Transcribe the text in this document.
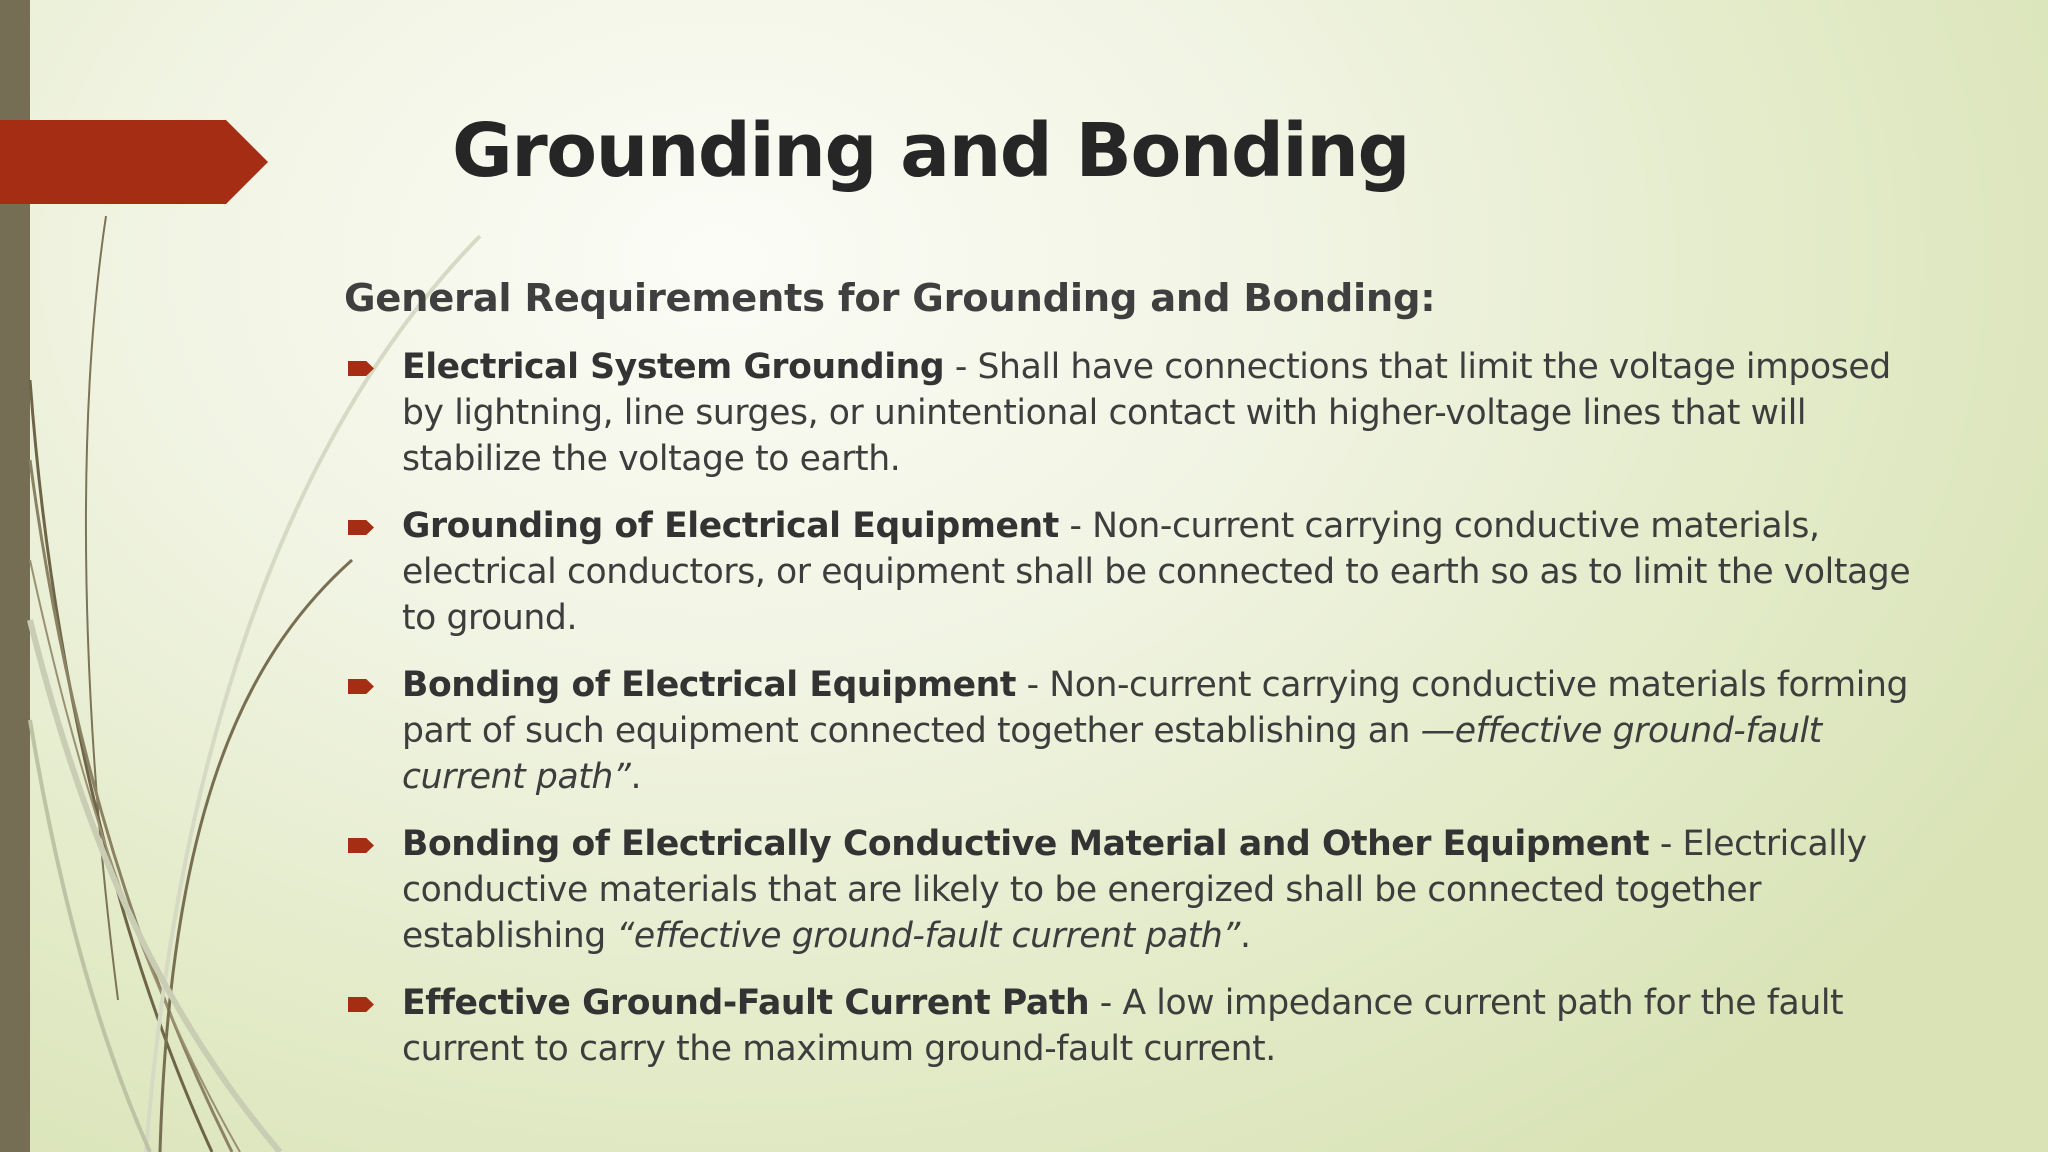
Grounding and Bonding
General Requirements for Grounding and Bonding:
Electrical System Grounding - Shall have connections that limit the voltage imposed by lightning, line surges, or unintentional contact with higher-voltage lines that will stabilize the voltage to earth.
Grounding of Electrical Equipment - Non-current carrying conductive materials, electrical conductors, or equipment shall be connected to earth so as to limit the voltage to ground.
Bonding of Electrical Equipment - Non-current carrying conductive materials forming part of such equipment connected together establishing an —effective ground-fault current path”.
Bonding of Electrically Conductive Material and Other Equipment - Electrically conductive materials that are likely to be energized shall be connected together establishing “effective ground-fault current path”.
Effective Ground-Fault Current Path - A low impedance current path for the fault current to carry the maximum ground-fault current.
